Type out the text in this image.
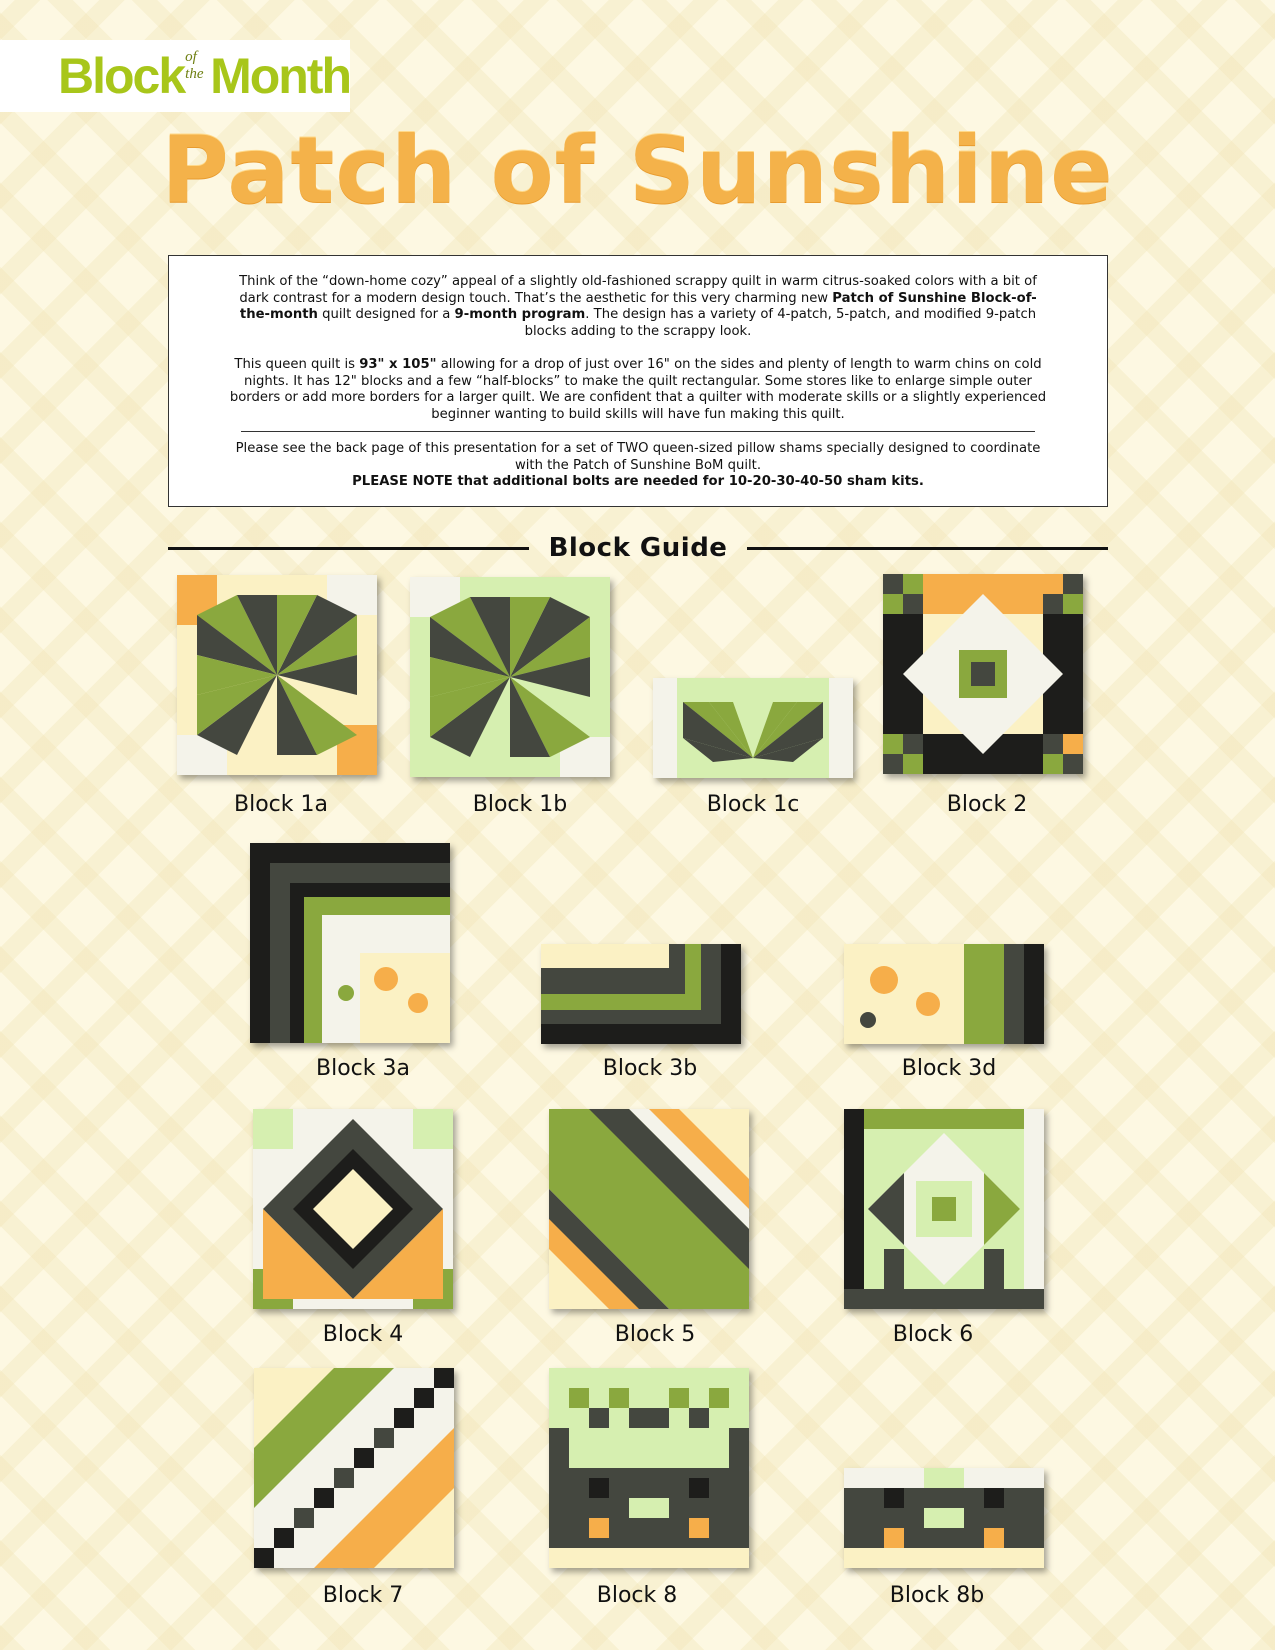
Block of the Month
Patch of Sunshine

Think of the “down-home cozy” appeal of a slightly old-fashioned scrappy quilt in warm citrus-soaked colors with a bit of dark contrast for a modern design touch. That’s the aesthetic for this very charming new Patch of Sunshine Block-of-the-month quilt designed for a 9-month program. The design has a variety of 4-patch, 5-patch, and modified 9-patch blocks adding to the scrappy look.

This queen quilt is 93" x 105" allowing for a drop of just over 16" on the sides and plenty of length to warm chins on cold nights. It has 12" blocks and a few “half-blocks” to make the quilt rectangular. Some stores like to enlarge simple outer borders or add more borders for a larger quilt. We are confident that a quilter with moderate skills or a slightly experienced beginner wanting to build skills will have fun making this quilt.

Please see the back page of this presentation for a set of TWO queen-sized pillow shams specially designed to coordinate with the Patch of Sunshine BoM quilt.
PLEASE NOTE that additional bolts are needed for 10-20-30-40-50 sham kits.

Block Guide
Block 1a	Block 1b	Block 1c	Block 2
Block 3a	Block 3b	Block 3d
Block 4	Block 5	Block 6
Block 7	Block 8	Block 8b
